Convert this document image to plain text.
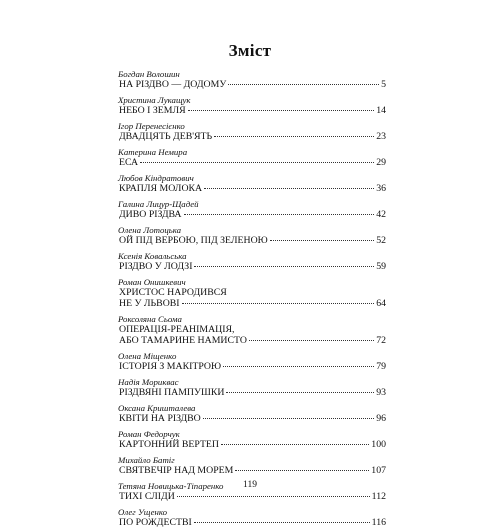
Зміст
Богдан Волошин
НА РІЗДВО — ДОДОМУ	5
Христина Лукащук
НЕБО І ЗЕМЛЯ	14
Ігор Перенесієнко
ДВАДЦЯТЬ ДЕВ'ЯТЬ	23
Катерина Немира
ЕСА	29
Любов Кіндратович
КРАПЛЯ МОЛОКА	36
Галина Лицур-Щадей
ДИВО РІЗДВА	42
Олена Лотоцька
ОЙ ПІД ВЕРБОЮ, ПІД ЗЕЛЕНОЮ	52
Ксенія Ковальська
РІЗДВО У ЛОДЗІ	59
Роман Онишкевич
ХРИСТОС НАРОДИВСЯ
НЕ У ЛЬВОВІ	64
Роксоляна Сьома
ОПЕРАЦІЯ-РЕАНІМАЦІЯ,
АБО ТАМАРИНЕ НАМИСТО	72
Олена Міщенко
ІСТОРІЯ З МАКІТРОЮ	79
Надія Мориквас
РІЗДВЯНІ ПАМПУШКИ	93
Оксана Кришталева
КВІТИ НА РІЗДВО	96
Роман Федорчук
КАРТОННИЙ ВЕРТЕП	100
Михайло Батіг
СВЯТВЕЧІР НАД МОРЕМ	107
Тетяна Новицька-Тіпаренко
ТИХІ СЛІДИ	112
Олег Ущенко
ПО РОЖДЕСТВІ	116
119
